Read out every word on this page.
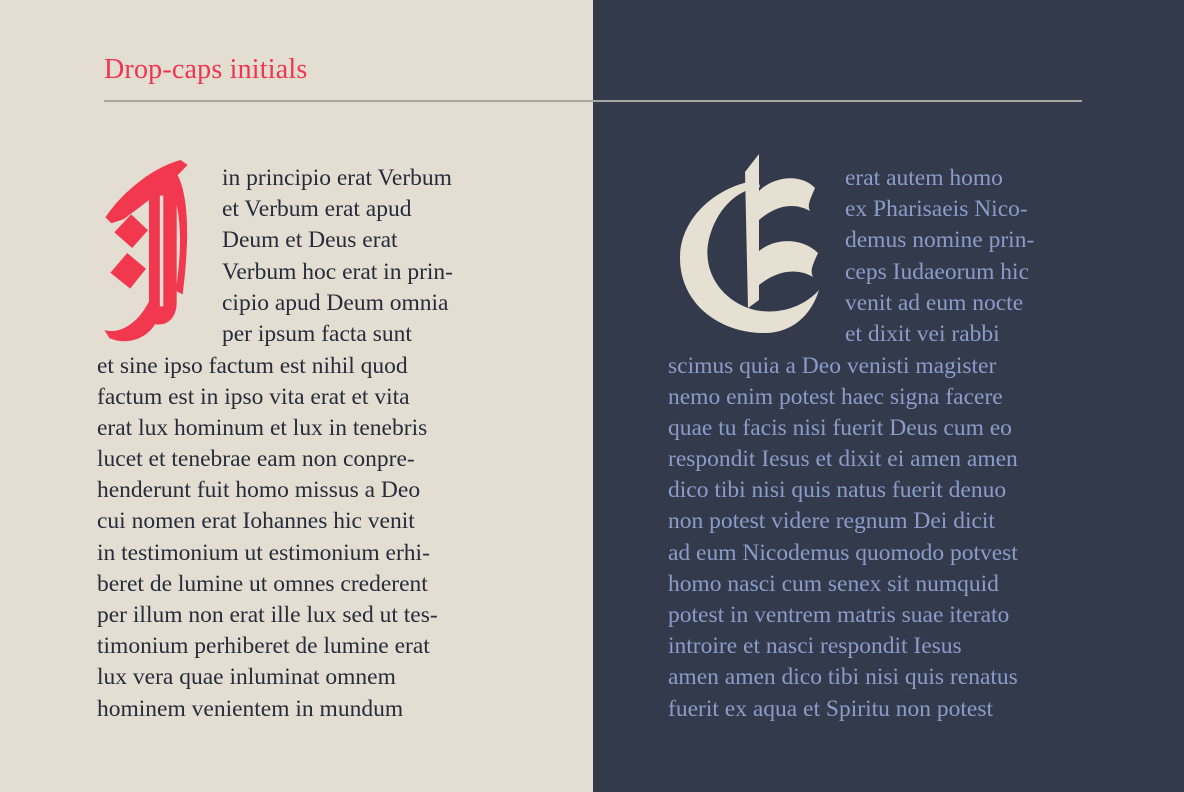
Drop-caps initials
in principio erat Verbum
et Verbum erat apud
Deum et Deus erat
Verbum hoc erat in prin-
cipio apud Deum omnia
per ipsum facta sunt
et sine ipso factum est nihil quod
factum est in ipso vita erat et vita
erat lux hominum et lux in tenebris
lucet et tenebrae eam non conpre-
henderunt fuit homo missus a Deo
cui nomen erat Iohannes hic venit
in testimonium ut estimonium erhi-
beret de lumine ut omnes crederent
per illum non erat ille lux sed ut tes-
timonium perhiberet de lumine erat
lux vera quae inluminat omnem
hominem venientem in mundum
erat autem homo
ex Pharisaeis Nico-
demus nomine prin-
ceps Iudaeorum hic
venit ad eum nocte
et dixit vei rabbi
scimus quia a Deo venisti magister
nemo enim potest haec signa facere
quae tu facis nisi fuerit Deus cum eo
respondit Iesus et dixit ei amen amen
dico tibi nisi quis natus fuerit denuo
non potest videre regnum Dei dicit
ad eum Nicodemus quomodo potvest
homo nasci cum senex sit numquid
potest in ventrem matris suae iterato
introire et nasci respondit Iesus
amen amen dico tibi nisi quis renatus
fuerit ex aqua et Spiritu non potest
